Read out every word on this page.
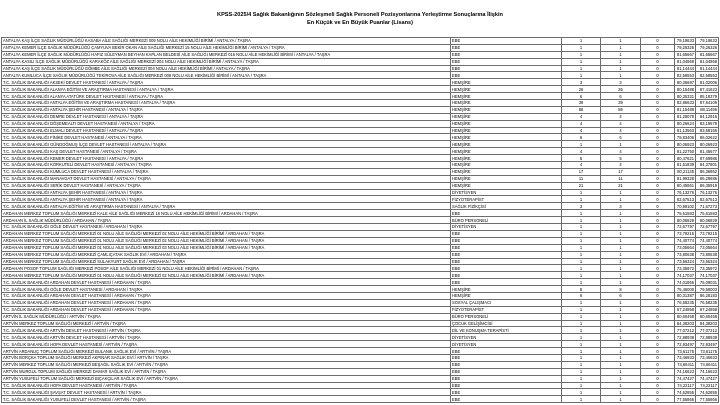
KPSS-2025/4 Sağlık Bakanlığının Sözleşmeli Sağlık Personeli Pozisyonlarına Yerleştirme Sonuçlarına İlişkin
En Küçük ve En Büyük Puanlar (Lisans)
ANTALYA KAŞ İLÇE SAĞLIK MÜDÜRLÜĞÜ KASABA AİLE SAĞLIĞI MERKEZİ 009 NOLU AİLE HEKİMLİĞİ BİRİMİ / ANTALYA / TAŞRA	EBE	1	1	0	79,19633	79,19633
ANTALYA KEMER İLÇE SAĞLIK MÜDÜRLÜĞÜ ÇAMYUVA BEKİR OKAN AİLE SAĞLIĞI MERKEZİ 15 NOLU AİLE HEKİMLİĞİ BİRİMİ / ANTALYA / TAŞRA	EBE	1	1	0	79,26326	79,26326
ANTALYA KEMER İLÇE SAĞLIK MÜDÜRLÜĞÜ HAFIZ SÜLEYMAN BEYHAN KAPLAN BELDESİ AİLE SAĞLIĞI MERKEZİ 016 NOLU AİLE HEKİMLİĞİ BİRİMİ / ANTALYA / TAŞRA	EBE	1	1	0	81,65667	81,65667
ANTALYA KASILI İLÇE SAĞLIK MÜDÜRLÜĞÜ KARAKÖZ AİLE SAĞLIĞI MERKEZİ 004 NOLU AİLE HEKİMLİĞİ BİRİMİ / ANTALYA / TAŞRA	EBE	1	1	0	81,04868	81,04868
ANTALYA KAŞ İLÇE SAĞLIK MÜDÜRLÜĞÜ GÖMBE AİLE SAĞLIĞI MERKEZİ 004 NOLU AİLE HEKİMLİĞİ BİRİMİ / ANTALYA / TAŞRA	EBE	1	1	0	81,14444	81,14444
ANTALYA KUMLUCA İLÇE SAĞLIK MÜDÜRLÜĞÜ TEKİROVA AİLE SAĞLIĞI MERKEZİ 009 NOLU AİLE HEKİMLİĞİ BİRİMİ / ANTALYA / TAŞRA	EBE	1	1	0	82,58553	82,58553
T.C. SAĞLIK BAKANLIĞI AKSEKİ DEVLET HASTANESİ / ANTALYA / TAŞRA	HEMŞİRE	3	3	0	80,36687	81,02006
T.C. SAĞLIK BAKANLIĞI ALANYA EĞİTİM VE ARAŞTIRMA HASTANESİ / ANTALYA / TAŞRA	HEMŞİRE	26	26	0	80,15488	87,41623
T.C. SAĞLIK BAKANLIĞI ALANYA ATATÜRK DEVLET HASTANESİ / ANTALYA / TAŞRA	HEMŞİRE	6	6	0	80,35331	85,18379
T.C. SAĞLIK BAKANLIĞI ANTALYA EĞİTİM VE ARAŞTIRMA HASTANESİ / ANTALYA / TAŞRA	HEMŞİRE	39	39	0	82,86633	87,64109
T.C. SAĞLIK BAKANLIĞI ANTALYA ŞEHİR HASTANESİ / ANTALYA / TAŞRA	HEMŞİRE	86	86	0	81,15488	88,11496
T.C. SAĞLIK BAKANLIĞI DEMRE DEVLET HASTANESİ / ANTALYA / TAŞRA	HEMŞİRE	4	4	0	81,28079	84,12916
T.C. SAĞLIK BAKANLIĞI DÖŞEMEALTI DEVLET HASTANESİ / ANTALYA / TAŞRA	HEMŞİRE	4	4	0	80,26624	83,19679
T.C. SAĞLIK BAKANLIĞI ELMALI DEVLET HASTANESİ / ANTALYA / TAŞRA	HEMŞİRE	4	4	0	81,13563	83,58156
T.C. SAĞLIK BAKANLIĞI FİNİKE DEVLET HASTANESİ / ANTALYA / TAŞRA	HEMŞİRE	6	6	0	79,83406	86,02622
T.C. SAĞLIK BAKANLIĞI GÜNDOĞMUŞ İLÇE DEVLET HASTANESİ / ANTALYA / TAŞRA	HEMŞİRE	1	1	0	80,06923	80,06923
T.C. SAĞLIK BAKANLIĞI KAŞ DEVLET HASTANESİ / ANTALYA / TAŞRA	HEMŞİRE	4	4	0	81,22750	81,45677
T.C. SAĞLIK BAKANLIĞI KEMER DEVLET HASTANESİ / ANTALYA / TAŞRA	HEMŞİRE	5	5	0	80,47621	87,69986
T.C. SAĞLIK BAKANLIĞI KORKUTELİ DEVLET HASTANESİ / ANTALYA / TAŞRA	HEMŞİRE	4	4	0	81,51839	84,37801
T.C. SAĞLIK BAKANLIĞI KUMLUCA DEVLET HASTANESİ / ANTALYA / TAŞRA	HEMŞİRE	17	17	0	80,21135	86,36862
T.C. SAĞLIK BAKANLIĞI MANAVGAT DEVLET HASTANESİ / ANTALYA / TAŞRA	HEMŞİRE	11	11	0	81,99328	86,28686
T.C. SAĞLIK BAKANLIĞI SERİK DEVLET HASTANESİ / ANTALYA / TAŞRA	HEMŞİRE	21	21	0	80,45861	86,35919
T.C. SAĞLIK BAKANLIĞI ANTALYA ŞEHİR HASTANESİ / ANTALYA / TAŞRA	DİYETİSYEN	1	1	0	76,13276	76,13276
T.C. SAĞLIK BAKANLIĞI ANTALYA ŞEHİR HASTANESİ / ANTALYA / TAŞRA	FİZYOTERAPİST	1	1	0	82,67513	82,67513
T.C. SAĞLIK BAKANLIĞI ANTALYA EĞİTİM VE ARAŞTIRMA HASTANESİ / ANTALYA / TAŞRA	SAĞLIK FİZİKÇİSİ	3	3	0	70,99102	71,67273
ARDAHAN MERKEZ TOPLUM SAĞLIĞI MERKEZİ KALE AİLE SAĞLIĞI MERKEZİ 16 NOLU AİLE HEKİMLİĞİ BİRİMİ / ARDAHAN / TAŞRA	EBE	1	1	0	75,61583	75,61583
ARDAHAN İL SAĞLIK MÜDÜRLÜĞÜ / ARDAHAN / TAŞRA	BÜRO PERSONELİ	1	1	0	80,06829	80,06829
T.C. SAĞLIK BAKANLIĞI GÖLE DEVLET HASTANESİ / ARDAHAN / TAŞRA	DİYETİSYEN	1	1	0	72,67797	72,67797
ARDAHAN MERKEZ TOPLUM SAĞLIĞI MERKEZİ 01 NOLU AİLE SAĞLIĞI MERKEZİ 02 NOLU AİLE HEKİMLİĞİ BİRİMİ / ARDAHAN / TAŞRA	EBE	1	1	0	73,79215	73,79215
ARDAHAN MERKEZ TOPLUM SAĞLIĞI MERKEZİ 01 NOLU AİLE SAĞLIĞI MERKEZİ 02 NOLU AİLE HEKİMLİĞİ BİRİMİ / ARDAHAN / TAŞRA	EBE	1	1	0	74,40774	74,40774
ARDAHAN MERKEZ TOPLUM SAĞLIĞI MERKEZİ 01 NOLU AİLE SAĞLIĞI MERKEZİ 03 NOLU AİLE HEKİMLİĞİ BİRİMİ / ARDAHAN / TAŞRA	EBE	1	1	0	73,05664	73,05664
ARDAHAN MERKEZ TOPLUM SAĞLIĞI MERKEZİ ÇAMLIÇATAK SAĞLIK EVİ / ARDAHAN / TAŞRA	EBE	1	1	0	73,80638	73,80638
ARDAHAN MERKEZ TOPLUM SAĞLIĞI MERKEZİ SULAKYURT SAĞLIK EVİ / ARDAHAN / TAŞRA	EBE	1	1	0	73,56324	73,56324
ARDAHAN POSOF TOPLUM SAĞLIĞI MERKEZİ POSOF AİLE SAĞLIĞI MERKEZİ 01 NOLU AİLE HEKİMLİĞİ BİRİMİ / ARDAHAN / TAŞRA	EBE	1	1	0	73,35972	73,35972
ARDAHAN MERKEZ TOPLUM SAĞLIĞI MERKEZİ 01 NOLU AİLE SAĞLIĞI MERKEZİ 02 NOLU AİLE HEKİMLİĞİ BİRİMİ / ARDAHAN / TAŞRA	EBE	1	1	0	74,17037	74,17037
T.C. SAĞLIK BAKANLIĞI ARDAHAN DEVLET HASTANESİ / ARDAHAN / TAŞRA	EBE	1	1	0	74,01866	75,09031
T.C. SAĞLIK BAKANLIĞI GÖLE DEVLET HASTANESİ / ARDAHAN / TAŞRA	HEMŞİRE	8	8	0	75,46000	79,58003
T.C. SAĞLIK BAKANLIĞI ARDAHAN DEVLET HASTANESİ / ARDAHAN / TAŞRA	HEMŞİRE	6	6	0	80,31387	86,28183
T.C. SAĞLIK BAKANLIĞI ARDAHAN DEVLET HASTANESİ / ARDAHAN / TAŞRA	SOSYAL ÇALIŞMACI	1	1	0	76,58235	76,58235
T.C. SAĞLIK BAKANLIĞI ARDAHAN DEVLET HASTANESİ / ARDAHAN / TAŞRA	FİZYOTERAPİST	1	1	0	67,24858	67,24858
ARTVİN İL SAĞLIK MÜDÜRLÜĞÜ / ARTVİN / TAŞRA	BÜRO PERSONELİ	1	1	0	80,60458	80,60458
ARTVİN MERKEZ TOPLUM SAĞLIĞI MERKEZİ / ARTVİN / TAŞRA	ÇOCUK GELİŞİMCİSİ	1	1	0	84,38203	84,38203
T.C. SAĞLIK BAKANLIĞI ARTVİN DEVLET HASTANESİ / ARTVİN / TAŞRA	DİL VE KONUŞMA TERAPİSTİ	1	1	0	77,07212	77,07212
T.C. SAĞLIK BAKANLIĞI ARTVİN DEVLET HASTANESİ / ARTVİN / TAŞRA	DİYETİSYEN	1	1	0	72,88939	72,88939
T.C. SAĞLIK BAKANLIĞI HOPA DEVLET HASTANESİ / ARTVİN / TAŞRA	DİYETİSYEN	1	1	0	72,93497	72,93497
ARTVİN ARDANUÇ TOPLUM SAĞLIĞI MERKEZİ BULANIK SAĞLIK EVİ / ARTVİN / TAŞRA	EBE	1	1	0	73,61175	73,61175
ARTVİN BORÇKA TOPLUM SAĞLIĞI MERKEZİ AKPINAR SAĞLIK EVİ / ARTVİN / TAŞRA	EBE	1	1	0	73,46933	73,46933
ARTVİN MERKEZ TOPLUM SAĞLIĞI MERKEZİ BEŞAĞIL SAĞLIK EVİ / ARTVİN / TAŞRA	EBE	1	1	0	74,66411	74,66411
ARTVİN MURGUL TOPLUM SAĞLIĞI MERKEZİ DAMAR SAĞLIK EVİ / ARTVİN / TAŞRA	EBE	1	1	0	74,16623	74,16623
ARTVİN YUSUFELİ TOPLUM SAĞLIĞI MERKEZİ BIÇAKÇILAR SAĞLIK EVİ / ARTVİN / TAŞRA	EBE	1	1	0	74,47427	74,47427
T.C. SAĞLIK BAKANLIĞI HOPA DEVLET HASTANESİ / ARTVİN / TAŞRA	EBE	1	1	0	74,22117	74,22117
T.C. SAĞLIK BAKANLIĞI ŞAVŞAT DEVLET HASTANESİ / ARTVİN / TAŞRA	EBE	1	1	0	74,62855	74,62855
T.C. SAĞLIK BAKANLIĞI YUSUFELİ DEVLET HASTANESİ / ARTVİN / TAŞRA	EBE	1	1	0	77,55866	77,55866
